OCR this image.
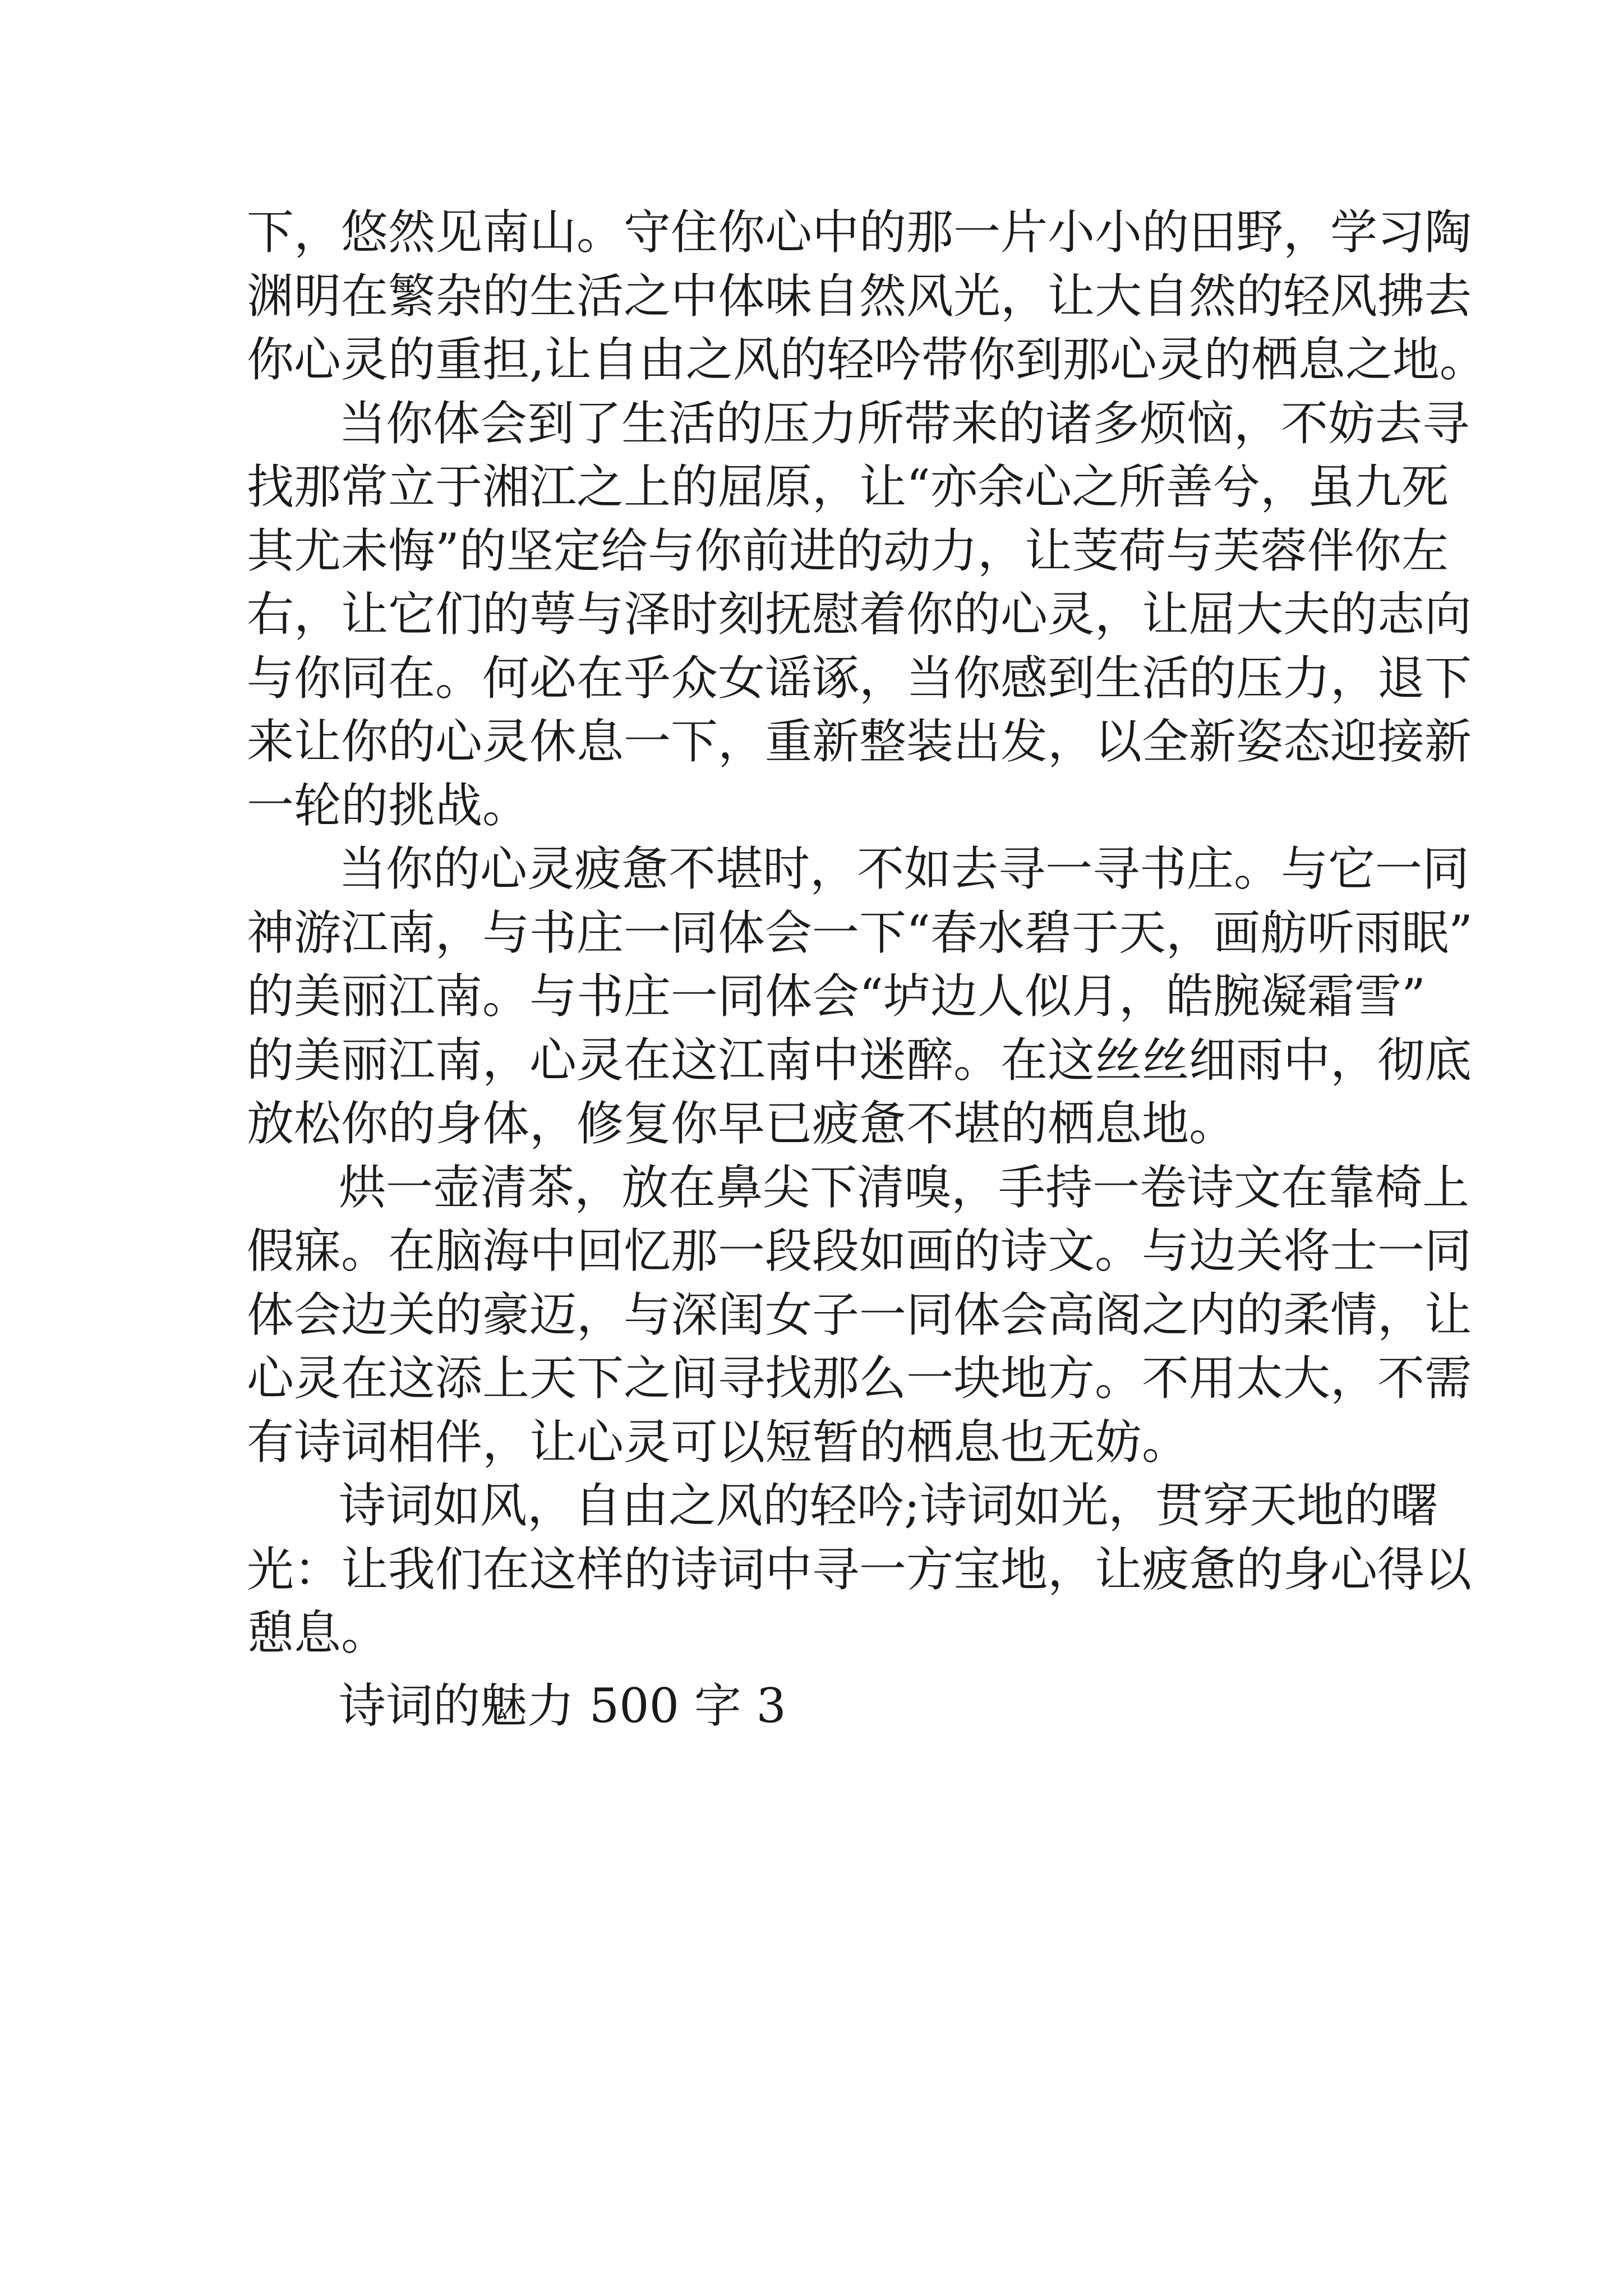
下，悠然见南山。守住你心中的那一片小小的田野，学习陶
渊明在繁杂的生活之中体味自然风光，让大自然的轻风拂去
你心灵的重担,让自由之风的轻吟带你到那心灵的栖息之地。
当你体会到了生活的压力所带来的诸多烦恼，不妨去寻
找那常立于湘江之上的屈原，让“亦余心之所善兮，虽九死
其尤未悔”的坚定给与你前进的动力，让芰荷与芙蓉伴你左
右，让它们的萼与泽时刻抚慰着你的心灵，让屈大夫的志向
与你同在。何必在乎众女谣诼，当你感到生活的压力，退下
来让你的心灵休息一下，重新整装出发，以全新姿态迎接新
一轮的挑战。
当你的心灵疲惫不堪时，不如去寻一寻书庄。与它一同
神游江南，与书庄一同体会一下“春水碧于天，画舫听雨眠”
的美丽江南。与书庄一同体会“垆边人似月，皓腕凝霜雪”
的美丽江南，心灵在这江南中迷醉。在这丝丝细雨中，彻底
放松你的身体，修复你早已疲惫不堪的栖息地。
烘一壶清茶，放在鼻尖下清嗅，手持一卷诗文在靠椅上
假寐。在脑海中回忆那一段段如画的诗文。与边关将士一同
体会边关的豪迈，与深闺女子一同体会高阁之内的柔情，让
心灵在这添上天下之间寻找那么一块地方。不用太大，不需
有诗词相伴，让心灵可以短暂的栖息也无妨。
诗词如风，自由之风的轻吟;诗词如光，贯穿天地的曙
光：让我们在这样的诗词中寻一方宝地，让疲惫的身心得以
憩息。
诗词的魅力 500 字 3
